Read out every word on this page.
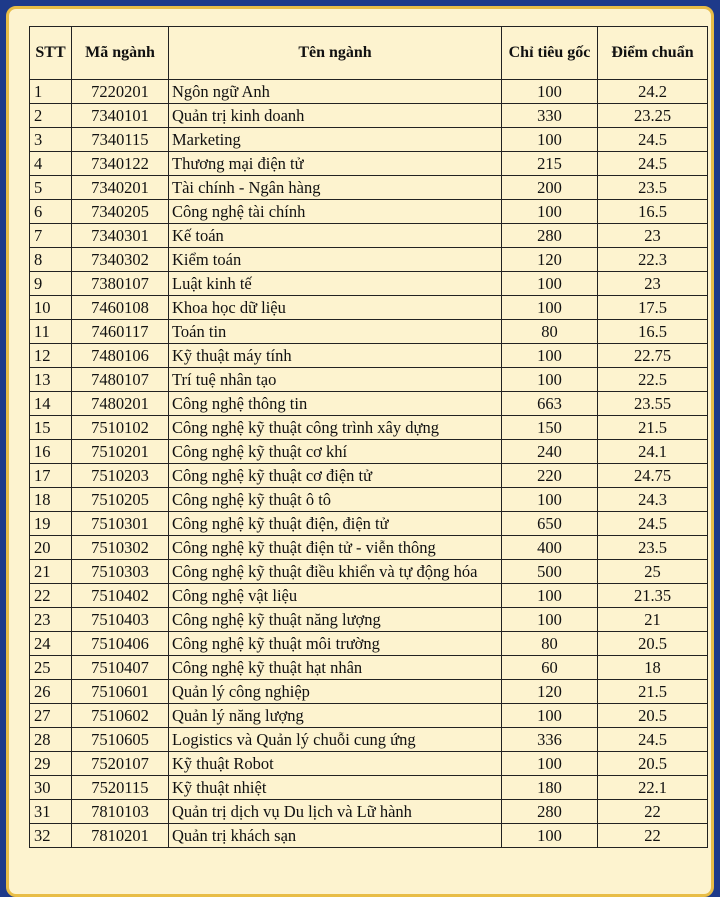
STT	Mã ngành	Tên ngành	Chỉ tiêu gốc	Điểm chuẩn
1	7220201	Ngôn ngữ Anh	100	24.2
2	7340101	Quản trị kinh doanh	330	23.25
3	7340115	Marketing	100	24.5
4	7340122	Thương mại điện tử	215	24.5
5	7340201	Tài chính - Ngân hàng	200	23.5
6	7340205	Công nghệ tài chính	100	16.5
7	7340301	Kế toán	280	23
8	7340302	Kiểm toán	120	22.3
9	7380107	Luật kinh tế	100	23
10	7460108	Khoa học dữ liệu	100	17.5
11	7460117	Toán tin	80	16.5
12	7480106	Kỹ thuật máy tính	100	22.75
13	7480107	Trí tuệ nhân tạo	100	22.5
14	7480201	Công nghệ thông tin	663	23.55
15	7510102	Công nghệ kỹ thuật công trình xây dựng	150	21.5
16	7510201	Công nghệ kỹ thuật cơ khí	240	24.1
17	7510203	Công nghệ kỹ thuật cơ điện tử	220	24.75
18	7510205	Công nghệ kỹ thuật ô tô	100	24.3
19	7510301	Công nghệ kỹ thuật điện, điện tử	650	24.5
20	7510302	Công nghệ kỹ thuật điện tử - viễn thông	400	23.5
21	7510303	Công nghệ kỹ thuật điều khiển và tự động hóa	500	25
22	7510402	Công nghệ vật liệu	100	21.35
23	7510403	Công nghệ kỹ thuật năng lượng	100	21
24	7510406	Công nghệ kỹ thuật môi trường	80	20.5
25	7510407	Công nghệ kỹ thuật hạt nhân	60	18
26	7510601	Quản lý công nghiệp	120	21.5
27	7510602	Quản lý năng lượng	100	20.5
28	7510605	Logistics và Quản lý chuỗi cung ứng	336	24.5
29	7520107	Kỹ thuật Robot	100	20.5
30	7520115	Kỹ thuật nhiệt	180	22.1
31	7810103	Quản trị dịch vụ Du lịch và Lữ hành	280	22
32	7810201	Quản trị khách sạn	100	22
